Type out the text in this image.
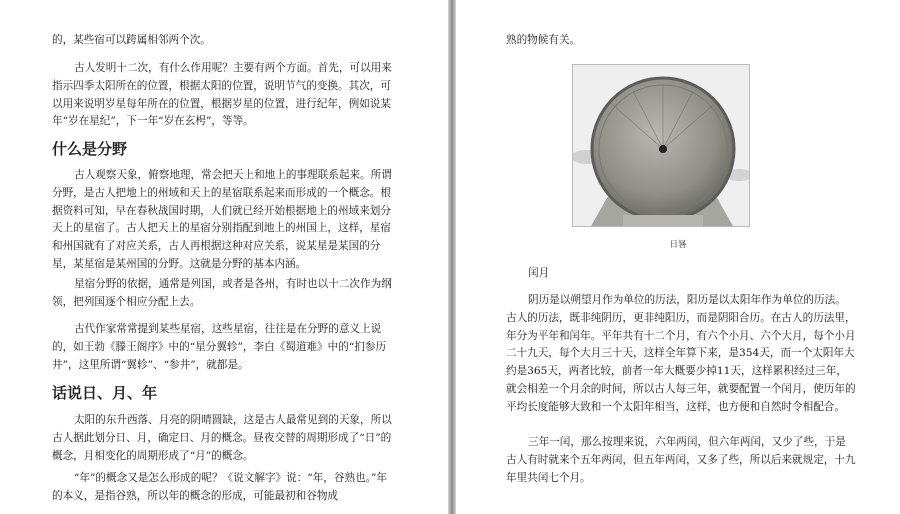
的，某些宿可以跨属相邻两个次。

古人发明十二次，有什么作用呢？主要有两个方面。首先，可以用来指示四季太阳所在的位置，根据太阳的位置，说明节气的变换。其次，可以用来说明岁星每年所在的位置，根据岁星的位置，进行纪年，例如说某年“岁在星纪”，下一年“岁在玄枵”，等等。

什么是分野

古人观察天象，俯察地理，常会把天上和地上的事理联系起来。所谓分野，是古人把地上的州域和天上的星宿联系起来而形成的一个概念。根据资料可知，早在春秋战国时期，人们就已经开始根据地上的州域来划分天上的星宿了。古人把天上的星宿分别指配到地上的州国上，这样，星宿和州国就有了对应关系，古人再根据这种对应关系，说某星是某国的分星，某星宿是某州国的分野。这就是分野的基本内涵。

星宿分野的依据，通常是列国，或者是各州，有时也以十二次作为纲领，把列国逐个相应分配上去。

古代作家常常提到某些星宿，这些星宿，往往是在分野的意义上说的，如王勃《滕王阁序》中的“星分翼轸”，李白《蜀道难》中的“扪参历井”，这里所谓“翼轸”、“参井”，就都是。

话说日、月、年

太阳的东升西落、月亮的阴晴圆缺，这是古人最常见到的天象，所以古人据此划分日、月，确定日、月的概念。昼夜交替的周期形成了“日”的概念，月相变化的周期形成了“月”的概念。

“年”的概念又是怎么形成的呢？《说文解字》说：“年，谷熟也。”年的本义，是指谷熟，所以年的概念的形成，可能最初和谷物成

熟的物候有关。

日晷

闰月

阴历是以朔望月作为单位的历法，阳历是以太阳年作为单位的历法。古人的历法，既非纯阴历，更非纯阳历，而是阴阳合历。在古人的历法里，年分为平年和闰年。平年共有十二个月，有六个小月、六个大月，每个小月二十九天，每个大月三十天，这样全年算下来，是354天，而一个太阳年大约是365天，两者比较，前者一年大概要少掉11天，这样累积经过三年，就会相差一个月余的时间，所以古人每三年，就要配置一个闰月，使历年的平均长度能够大致和一个太阳年相当，这样，也方便和自然时令相配合。

三年一闰，那么按理来说，六年两闰，但六年两闰，又少了些，于是古人有时就来个五年两闰，但五年两闰，又多了些，所以后来就规定，十九年里共闰七个月。
